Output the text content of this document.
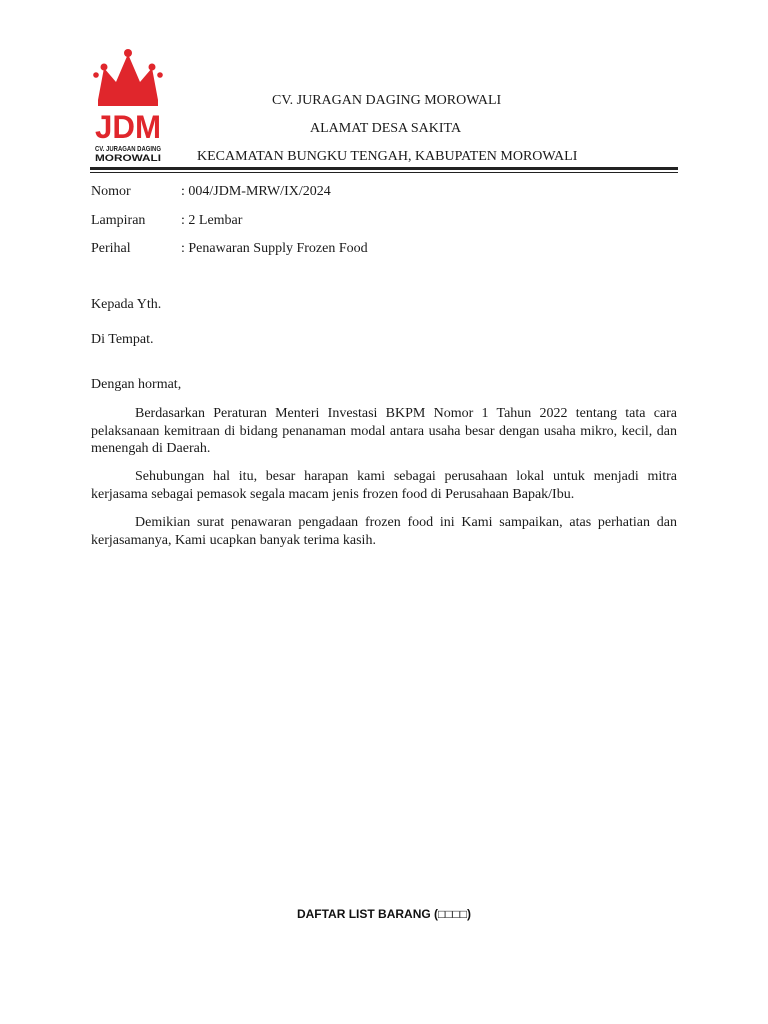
JDM
CV. JURAGAN DAGING
MOROWALI
CV. JURAGAN DAGING MOROWALI
ALAMAT DESA SAKITA
KECAMATAN BUNGKU TENGAH, KABUPATEN MOROWALI
Nomor	: 004/JDM-MRW/IX/2024
Lampiran	: 2 Lembar
Perihal	: Penawaran Supply Frozen Food
Kepada Yth.
Di Tempat.
Dengan hormat,

Berdasarkan Peraturan Menteri Investasi BKPM Nomor 1 Tahun 2022 tentang tata cara pelaksanaan kemitraan di bidang penanaman modal antara usaha besar dengan usaha mikro, kecil, dan menengah di Daerah.

Sehubungan hal itu, besar harapan kami sebagai perusahaan lokal untuk menjadi mitra kerjasama sebagai pemasok segala macam jenis frozen food di Perusahaan Bapak/Ibu.

Demikian surat penawaran pengadaan frozen food ini Kami sampaikan, atas perhatian dan kerjasamanya, Kami ucapkan banyak terima kasih.

DAFTAR LIST BARANG (□□□□)
